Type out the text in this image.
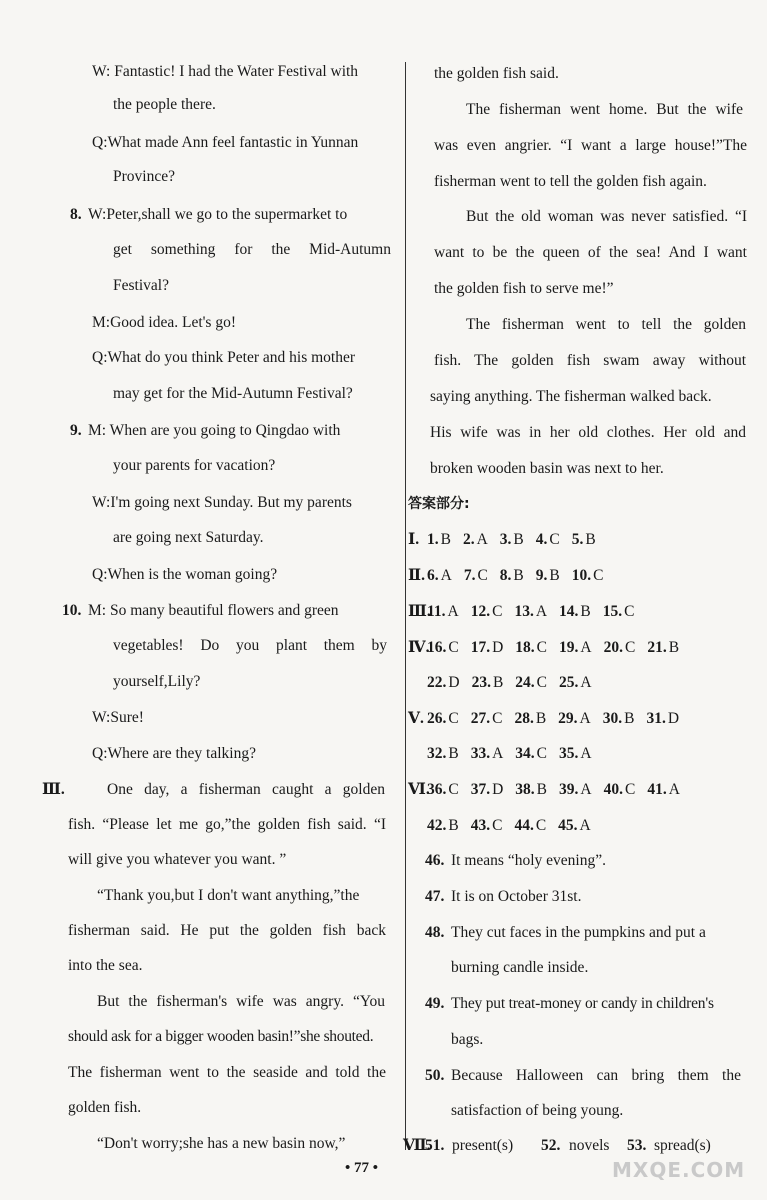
W: Fantastic! I had the Water Festival with
the people there.
Q:What made Ann feel fantastic in Yunnan
Province?
8. W:Peter,shall we go to the supermarket to
get something for the Mid-Autumn
Festival?
M:Good idea. Let's go!
Q:What do you think Peter and his mother
may get for the Mid-Autumn Festival?
9. M: When are you going to Qingdao with
your parents for vacation?
W:I'm going next Sunday. But my parents
are going next Saturday.
Q:When is the woman going?
10. M: So many beautiful flowers and green
vegetables! Do you plant them by
yourself,Lily?
W:Sure!
Q:Where are they talking?
Ⅲ.	One day, a fisherman caught a golden
fish. “Please let me go,”the golden fish said. “I
will give you whatever you want. ”
“Thank you,but I don't want anything,”the
fisherman said. He put the golden fish back
into the sea.
But the fisherman's wife was angry. “You
should ask for a bigger wooden basin!”she shouted.
The fisherman went to the seaside and told the
golden fish.
“Don't worry;she has a new basin now,”
the golden fish said.
The fisherman went home. But the wife
was even angrier. “I want a large house!”The
fisherman went to tell the golden fish again.
But the old woman was never satisfied. “I
want to be the queen of the sea! And I want
the golden fish to serve me!”
The fisherman went to tell the golden
fish. The golden fish swam away without
saying anything. The fisherman walked back.
His wife was in her old clothes. Her old and
broken wooden basin was next to her.
答案部分:
Ⅰ. 1. B 2. A 3. B 4. C 5. B
Ⅱ. 6. A 7. C 8. B 9. B 10. C
Ⅲ.11. A 12. C 13. A 14. B 15. C
Ⅳ.16. C 17. D 18. C 19. A 20. C 21. B
22. D 23. B 24. C 25. A
Ⅴ. 26. C 27. C 28. B 29. A 30. B 31. D
32. B 33. A 34. C 35. A
Ⅵ.36. C 37. D 38. B 39. A 40. C 41. A
42. B 43. C 44. C 45. A
46. It means “holy evening”.
47. It is on October 31st.
48. They cut faces in the pumpkins and put a
burning candle inside.
49. They put treat-money or candy in children's
bags.
50. Because Halloween can bring them the
satisfaction of being young.
Ⅶ.
51. present(s) 52. novels 53. spread(s)
• 77 •	MXQE.COM
